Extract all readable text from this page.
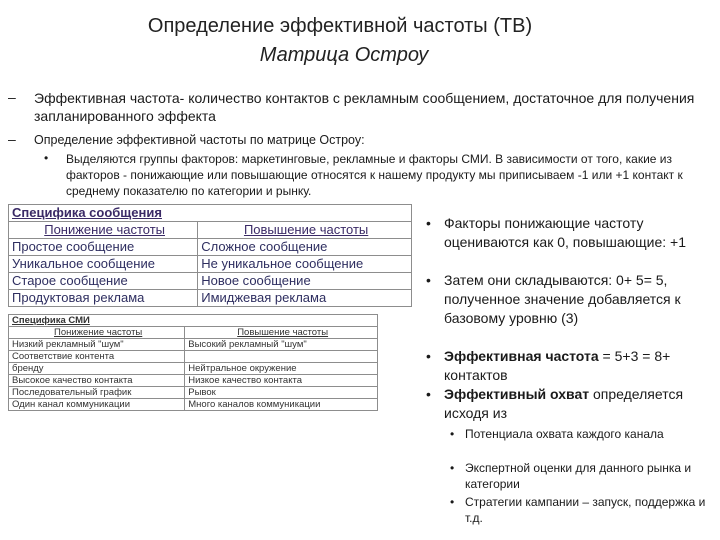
Определение эффективной частоты (ТВ)
Матрица Остроу
– Эффективная частота- количество контактов с рекламным сообщением, достаточное для получения запланированного эффекта
– Определение эффективной частоты по матрице Остроу:
• Выделяются группы факторов: маркетинговые, рекламные и факторы СМИ. В зависимости от того, какие из факторов - понижающие или повышающие относятся к нашему продукту мы приписываем -1 или +1 контакт к среднему показателю по категории и рынку.
Специфика сообщения	
Понижение частоты	Повышение частоты
Простое сообщение	Сложное сообщение
Уникальное сообщение	Не уникальное сообщение
Старое сообщение	Новое сообщение
Продуктовая реклама	Имиджевая реклама
Специфика СМИ	
Понижение частоты	Повышение частоты
Низкий рекламный "шум"	Высокий рекламный "шум"
Соответствие контента	
бренду	Нейтральное окружение
Высокое качество контакта	Низкое качество контакта
Последовательный график	Рывок
Один канал коммуникации	Много каналов коммуникации
• Факторы понижающие частоту оцениваются как 0, повышающие: +1
• Затем они складываются: 0+ 5= 5, полученное значение добавляется к базовому уровню (3)
• Эффективная частота = 5+3 = 8+ контактов
• Эффективный охват определяется исходя из
• Потенциала охвата каждого канала
• Экспертной оценки для данного рынка и категории
• Стратегии кампании – запуск, поддержка и т.д.
